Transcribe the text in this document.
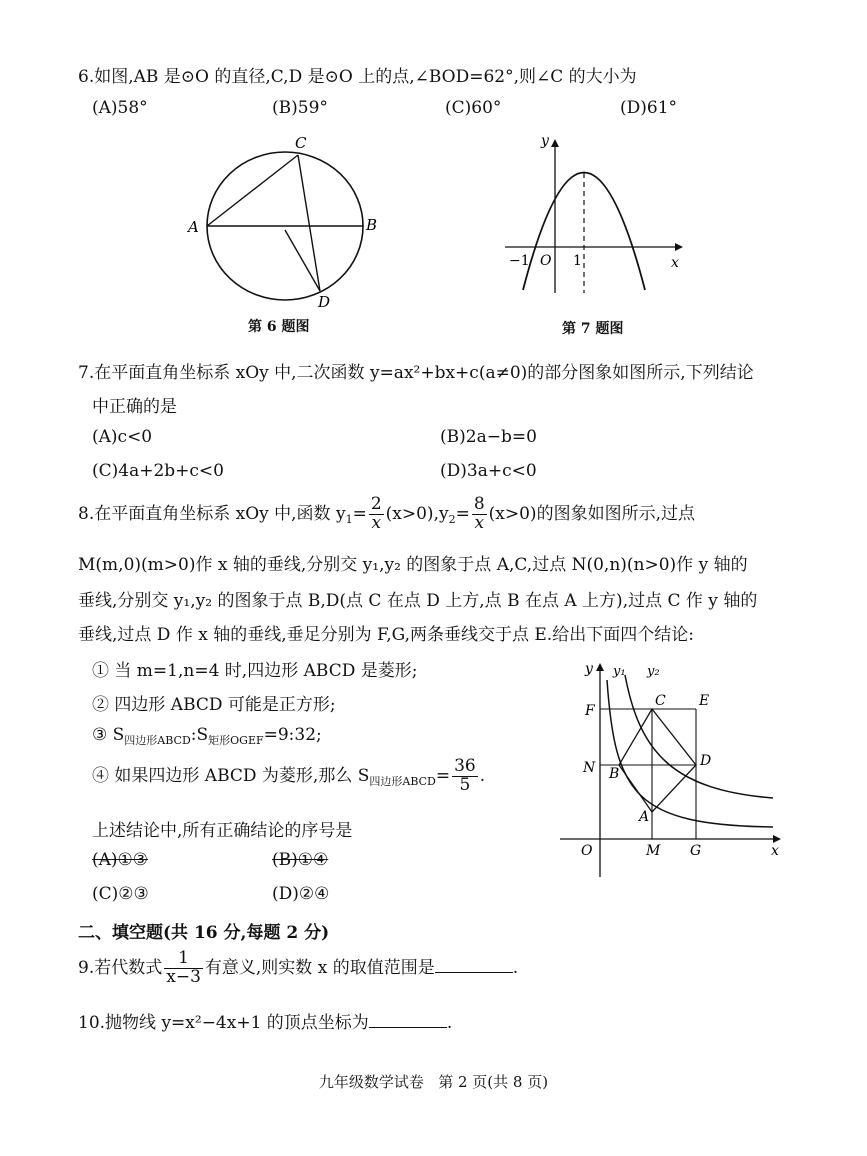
6.如图,AB 是⊙O 的直径,C,D 是⊙O 上的点,∠BOD=62°,则∠C 的大小为
(A)58°	(B)59°	(C)60°	(D)61°
C
A	B
D
第 6 题图
y
x
−1 O 1
第 7 题图
7.在平面直角坐标系 xOy 中,二次函数 y=ax²+bx+c(a≠0)的部分图象如图所示,下列结论
中正确的是
(A)c<0	(B)2a−b=0
(C)4a+2b+c<0	(D)3a+c<0
8.在平面直角坐标系 xOy 中,函数 $y_1= \frac{2}{x} (x>0),y_2= \frac{8}{x} (x>0)$的图象如图所示,过点
M(m,0)(m>0)作 x 轴的垂线,分别交 y₁,y₂ 的图象于点 A,C,过点 N(0,n)(n>0)作 y 轴的
垂线,分别交 y₁,y₂ 的图象于点 B,D(点 C 在点 D 上方,点 B 在点 A 上方),过点 C 作 y 轴的
垂线,过点 D 作 x 轴的垂线,垂足分别为 F,G,两条垂线交于点 E.给出下面四个结论:
① 当 m=1,n=4 时,四边形 ABCD 是菱形;
② 四边形 ABCD 可能是正方形;
③ $S_{四边形ABCD}:S_{矩形OGEF}=9:32$;
④ 如果四边形 ABCD 为菱形,那么 $S_{四边形ABCD}= \frac{36}{5}$ .
上述结论中,所有正确结论的序号是
(A)①③	(B)①④
(C)②③	(D)②④
y y₁ y₂
F
C E
N B
D
A
O	M G	x
二、填空题(共 16 分,每题 2 分)
9.若代数式 $\frac{1}{x-3}$ 有意义,则实数 x 的取值范围是	.
10.抛物线 y=x²−4x+1 的顶点坐标为	.
九年级数学试卷   第 2 页(共 8 页)
